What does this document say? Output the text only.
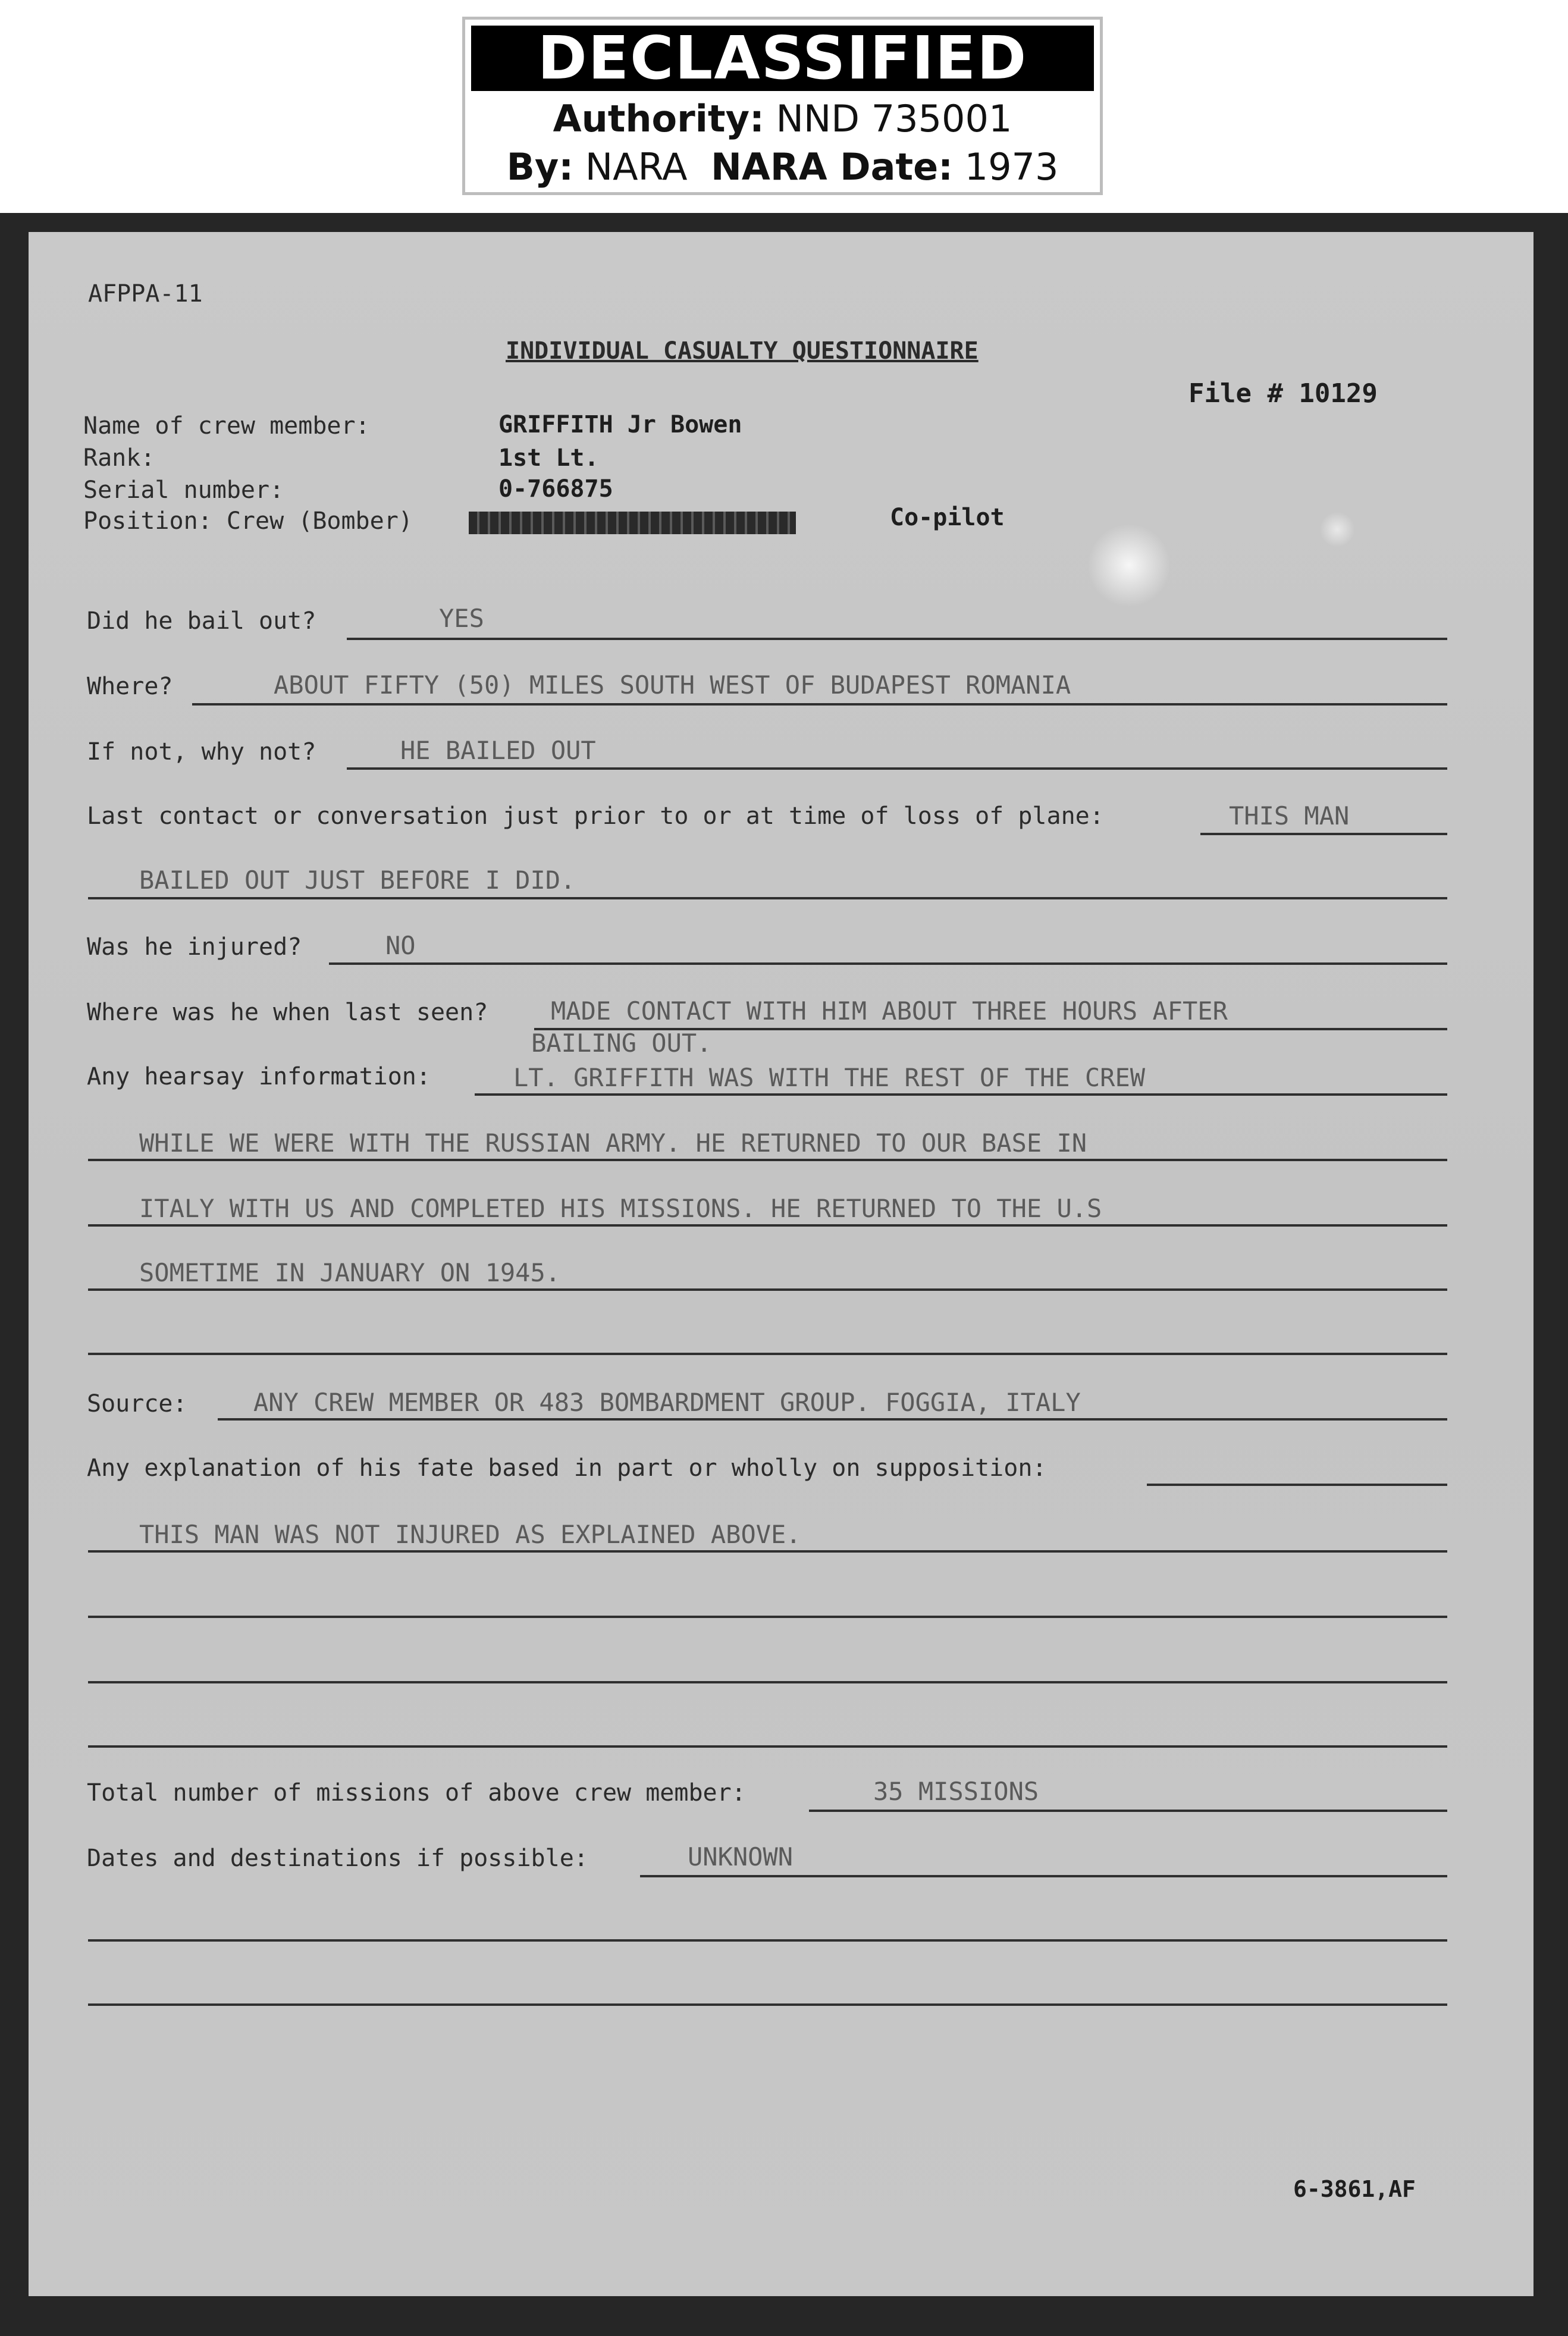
DECLASSIFIED
Authority: NND 735001
By: NARA NARA Date: 1973
AFPPA-11
INDIVIDUAL CASUALTY QUESTIONNAIRE
File # 10129
Name of crew member:	GRIFFITH Jr Bowen
Rank:	1st Lt.
Serial number:	0-766875
Position: Crew (Bomber)	Co-pilot
Did he bail out?	YES
Where?	ABOUT FIFTY (50) MILES SOUTH WEST OF BUDAPEST ROMANIA
If not, why not?	HE BAILED OUT
Last contact or conversation just prior to or at time of loss of plane:	THIS MAN
BAILED OUT JUST BEFORE I DID.
Was he injured?	NO
Where was he when last seen?	MADE CONTACT WITH HIM ABOUT THREE HOURS AFTER
BAILING OUT.
Any hearsay information:	LT. GRIFFITH WAS WITH THE REST OF THE CREW
WHILE WE WERE WITH THE RUSSIAN ARMY. HE RETURNED TO OUR BASE IN
ITALY WITH US AND COMPLETED HIS MISSIONS. HE RETURNED TO THE U.S
SOMETIME IN JANUARY ON 1945.
Source:	ANY CREW MEMBER OR 483 BOMBARDMENT GROUP. FOGGIA, ITALY
Any explanation of his fate based in part or wholly on supposition:
THIS MAN WAS NOT INJURED AS EXPLAINED ABOVE.
Total number of missions of above crew member:	35 MISSIONS
Dates and destinations if possible:	UNKNOWN
6-3861,AF
